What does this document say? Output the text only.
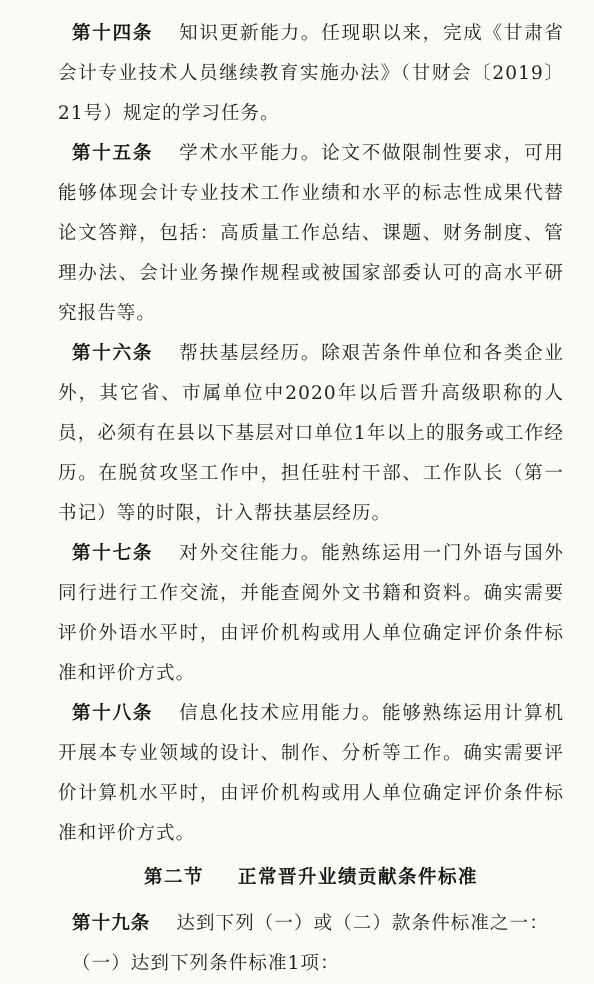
第十四条 知识更新能力。任现职以来，完成《甘肃省会计专业技术人员继续教育实施办法》（甘财会〔2019〕21号）规定的学习任务。

第十五条 学术水平能力。论文不做限制性要求，可用能够体现会计专业技术工作业绩和水平的标志性成果代替论文答辩，包括：高质量工作总结、课题、财务制度、管理办法、会计业务操作规程或被国家部委认可的高水平研究报告等。

第十六条 帮扶基层经历。除艰苦条件单位和各类企业外，其它省、市属单位中2020年以后晋升高级职称的人员，必须有在县以下基层对口单位1年以上的服务或工作经历。在脱贫攻坚工作中，担任驻村干部、工作队长（第一书记）等的时限，计入帮扶基层经历。

第十七条 对外交往能力。能熟练运用一门外语与国外同行进行工作交流，并能查阅外文书籍和资料。确实需要评价外语水平时，由评价机构或用人单位确定评价条件标准和评价方式。

第十八条 信息化技术应用能力。能够熟练运用计算机开展本专业领域的设计、制作、分析等工作。确实需要评价计算机水平时，由评价机构或用人单位确定评价条件标准和评价方式。

第二节 正常晋升业绩贡献条件标准

第十九条 达到下列（一）或（二）款条件标准之一：

（一）达到下列条件标准1项：
